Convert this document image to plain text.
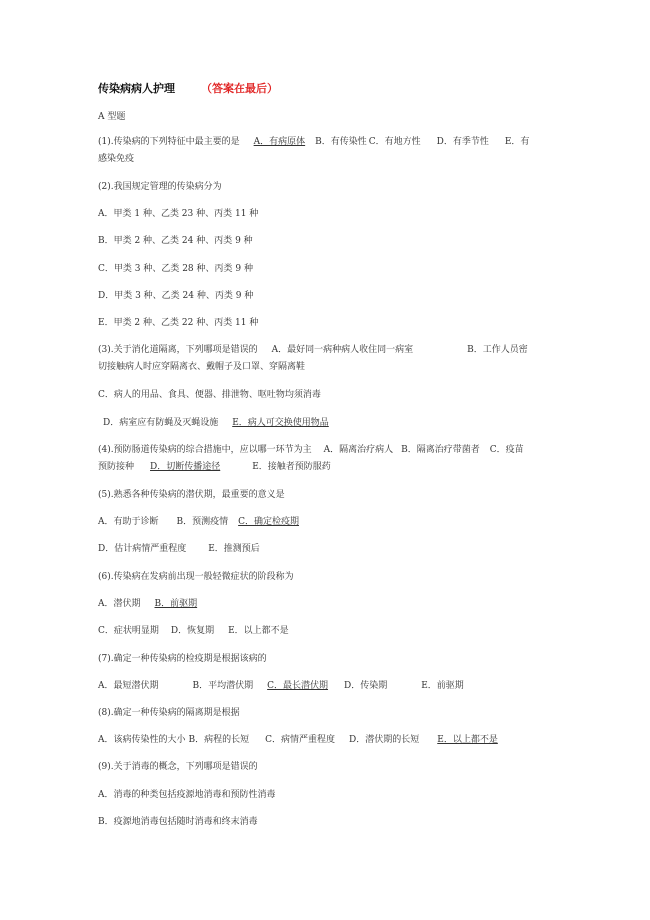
传染病病人护理 （答案在最后）
A 型题
(1).传染病的下列特征中最主要的是 A．有病原体 B．有传染性 C．有地方性 D．有季节性 E．有
感染免疫
(2).我国规定管理的传染病分为
A．甲类 1 种、乙类 23 种、丙类 11 种
B．甲类 2 种、乙类 24 种、丙类 9 种
C．甲类 3 种、乙类 28 种、丙类 9 种
D．甲类 3 种、乙类 24 种、丙类 9 种
E．甲类 2 种、乙类 22 种、丙类 11 种
(3).关于消化道隔离，下列哪项是错误的 A．最好同一病种病人收住同一病室	B．工作人员密
切接触病人时应穿隔离衣、戴帽子及口罩、穿隔离鞋
C．病人的用品、食具、便器、排泄物、呕吐物均须消毒
D．病室应有防蝇及灭蝇设施 E．病人可交换使用物品
(4).预防肠道传染病的综合措施中，应以哪一环节为主 A．隔离治疗病人 B．隔离治疗带菌者 C．疫苗
预防接种 D．切断传播途径	E．接触者预防服药
(5).熟悉各种传染病的潜伏期，最重要的意义是
A．有助于诊断 B．预测疫情 C．确定检疫期
D．估计病情严重程度 E．推测预后
(6).传染病在发病前出现一般轻微症状的阶段称为
A．潜伏期 B．前驱期
C．症状明显期 D．恢复期 E．以上都不是
(7).确定一种传染病的检疫期是根据该病的
A．最短潜伏期	B．平均潜伏期 C．最长潜伏期 D．传染期	E．前驱期
(8).确定一种传染病的隔离期是根据
A．该病传染性的大小 B．病程的长短 C．病情严重程度 D．潜伏期的长短 E．以上都不是
(9).关于消毒的概念，下列哪项是错误的
A．消毒的种类包括疫源地消毒和预防性消毒
B．疫源地消毒包括随时消毒和终末消毒
